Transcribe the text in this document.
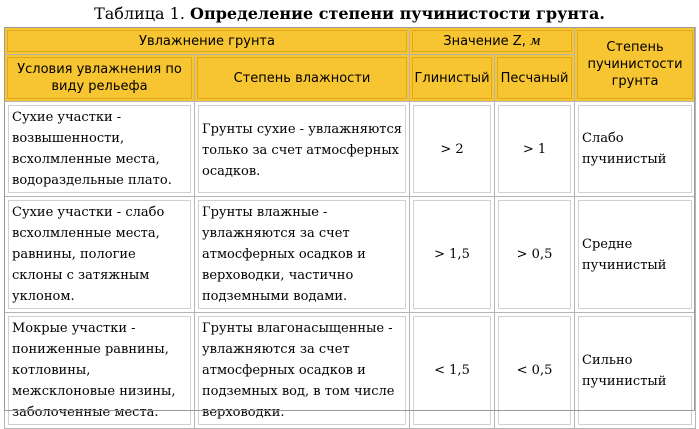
Таблица 1. Определение степени пучинистости грунта.
Увлажнение грунта		Значение Z, м		Степень пучинистости грунта

Условия увлажнения по виду рельефа	Степень влажности	Глинистый	Песчаный	

Сухие участки - возвышенности, всхолмленные места, водораздельные плато.	Грунты сухие - увлажняются только за счет атмосферных осадков.	> 2	> 1	Слабо пучинистый

Сухие участки - слабо всхолмленные места, равнины, пологие склоны с затяжным уклоном.	Грунты влажные - увлажняются за счет атмосферных осадков и верховодки, частично подземными водами.	> 1,5	> 0,5	Средне пучинистый

Мокрые участки - пониженные равнины, котловины, межсклоновые низины, заболоченные места.	Грунты влагонасыщенные - увлажняются за счет атмосферных осадков и подземных вод, в том числе верховодки.	< 1,5	< 0,5	Сильно пучинистый
